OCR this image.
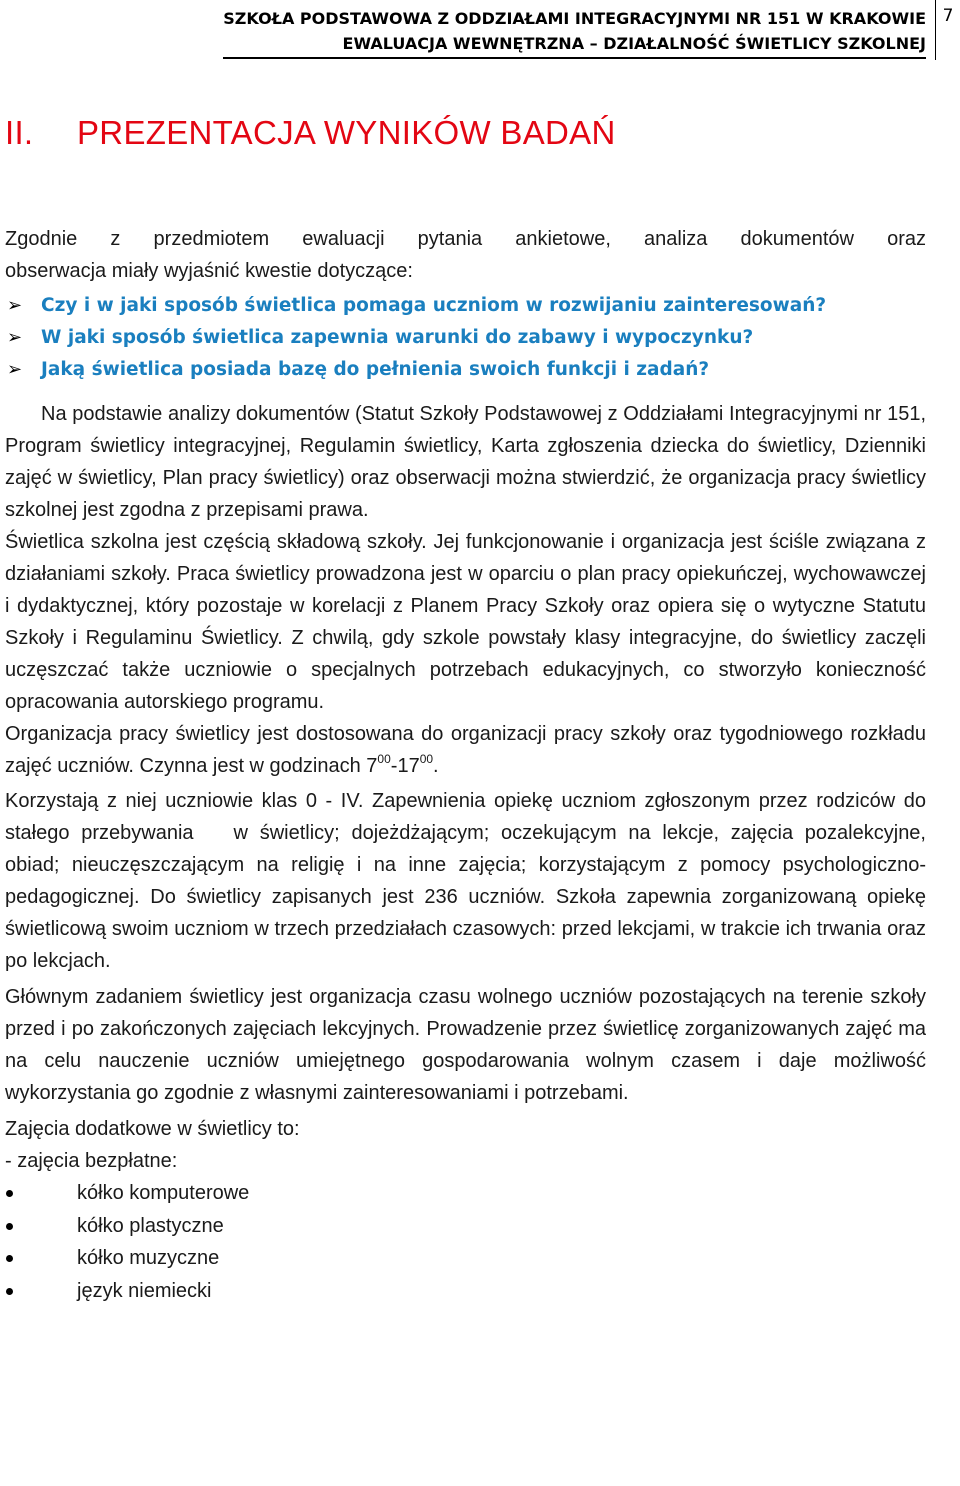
SZKOŁA PODSTAWOWA Z ODDZIAŁAMI INTEGRACYJNYMI NR 151 W KRAKOWIE
EWALUACJA WEWNĘTRZNA – DZIAŁALNOŚĆ ŚWIETLICY SZKOLNEJ
7
II. PREZENTACJA WYNIKÓW BADAŃ

Zgodnie z przedmiotem ewaluacji pytania ankietowe, analiza dokumentów oraz

obserwacja miały wyjaśnić kwestie dotyczące:

➢ Czy i w jaki sposób świetlica pomaga uczniom w rozwijaniu zainteresowań?
➢ W jaki sposób świetlica zapewnia warunki do zabawy i wypoczynku?
➢ Jaką świetlica posiada bazę do pełnienia swoich funkcji i zadań?

Na podstawie analizy dokumentów (Statut Szkoły Podstawowej z Oddziałami Integracyjnymi nr 151, Program świetlicy integracyjnej, Regulamin świetlicy, Karta zgłoszenia dziecka do świetlicy, Dzienniki zajęć w świetlicy, Plan pracy świetlicy) oraz obserwacji można stwierdzić, że organizacja pracy świetlicy szkolnej jest zgodna z przepisami prawa.

Świetlica szkolna jest częścią składową szkoły. Jej funkcjonowanie i organizacja jest ściśle związana z działaniami szkoły. Praca świetlicy prowadzona jest w oparciu o plan pracy opiekuńczej, wychowawczej i dydaktycznej, który pozostaje w korelacji z Planem Pracy Szkoły oraz opiera się o wytyczne Statutu Szkoły i Regulaminu Świetlicy. Z chwilą, gdy szkole powstały klasy integracyjne, do świetlicy zaczęli uczęszczać także uczniowie o specjalnych potrzebach edukacyjnych, co stworzyło konieczność opracowania autorskiego programu.

Organizacja pracy świetlicy jest dostosowana do organizacji pracy szkoły oraz tygodniowego rozkładu zajęć uczniów. Czynna jest w godzinach $7^{00}-17^{00}$.

Korzystają z niej uczniowie klas 0 - IV. Zapewnienia opiekę uczniom zgłoszonym przez rodziców do stałego przebywania w świetlicy; dojeżdżającym; oczekującym na lekcje, zajęcia pozalekcyjne, obiad; nieuczęszczającym na religię i na inne zajęcia; korzystającym z pomocy psychologiczno-pedagogicznej. Do świetlicy zapisanych jest 236 uczniów. Szkoła zapewnia zorganizowaną opiekę świetlicową swoim uczniom w trzech przedziałach czasowych: przed lekcjami, w trakcie ich trwania oraz po lekcjach.

Głównym zadaniem świetlicy jest organizacja czasu wolnego uczniów pozostających na terenie szkoły przed i po zakończonych zajęciach lekcyjnych. Prowadzenie przez świetlicę zorganizowanych zajęć ma na celu nauczenie uczniów umiejętnego gospodarowania wolnym czasem i daje możliwość wykorzystania go zgodnie z własnymi zainteresowaniami i potrzebami.

Zajęcia dodatkowe w świetlicy to:

- zajęcia bezpłatne:

kółko komputerowe
kółko plastyczne
kółko muzyczne
język niemiecki
